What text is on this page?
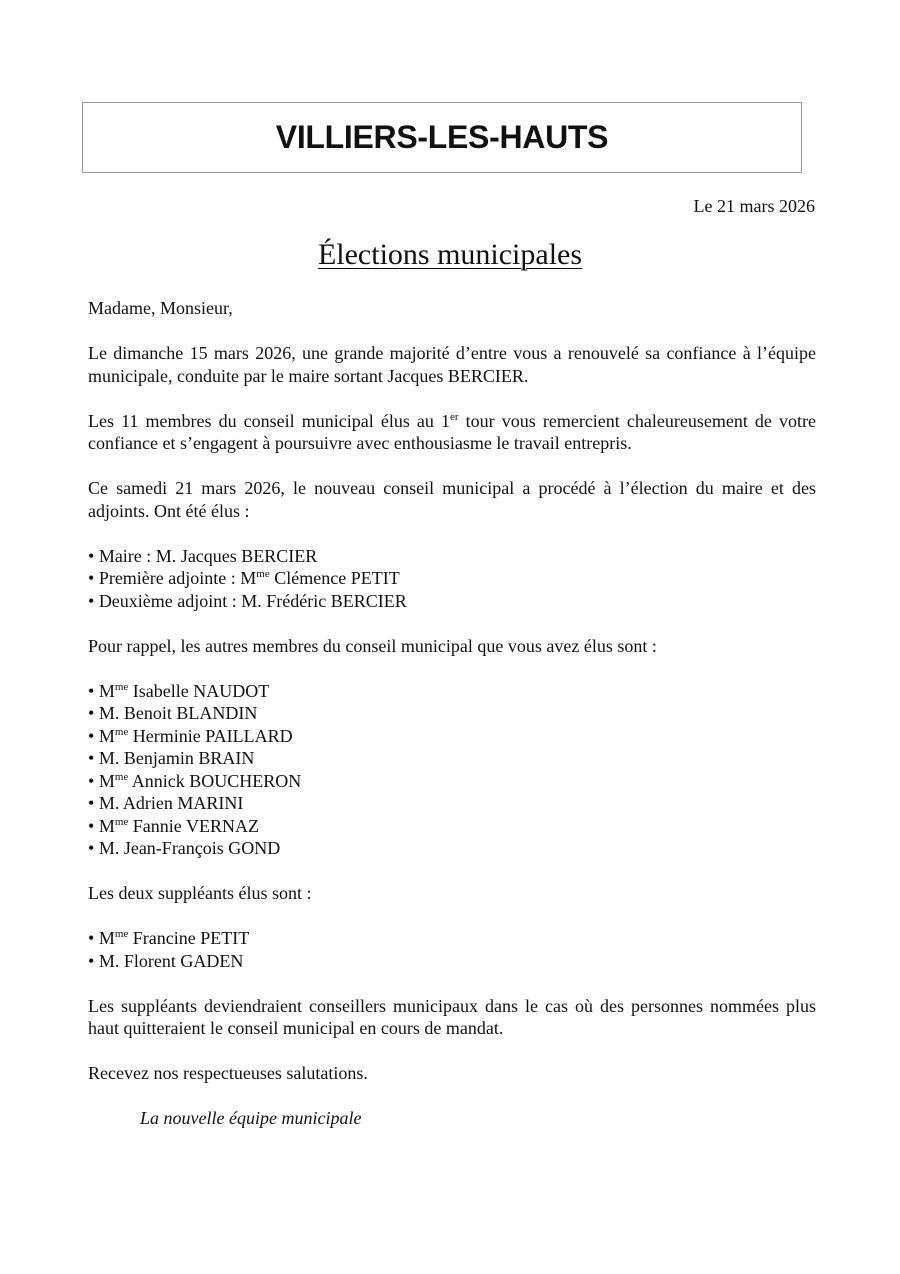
VILLIERS-LES-HAUTS
Le 21 mars 2026
Élections municipales

Madame, Monsieur,

Le dimanche 15 mars 2026, une grande majorité d’entre vous a renouvelé sa confiance à l’équipe municipale, conduite par le maire sortant Jacques BERCIER.

Les 11 membres du conseil municipal élus au 1er tour vous remercient chaleureusement de votre confiance et s’engagent à poursuivre avec enthousiasme le travail entrepris.

Ce samedi 21 mars 2026, le nouveau conseil municipal a procédé à l’élection du maire et des adjoints. Ont été élus :

• Maire : M. Jacques BERCIER
• Première adjointe : $M^{me}$ Clémence PETIT
• Deuxième adjoint : M. Frédéric BERCIER

Pour rappel, les autres membres du conseil municipal que vous avez élus sont :

• $M^{me}$ Isabelle NAUDOT
• M. Benoit BLANDIN
• $M^{me}$ Herminie PAILLARD
• M. Benjamin BRAIN
• $M^{me}$ Annick BOUCHERON
• M. Adrien MARINI
• $M^{me}$ Fannie VERNAZ
• M. Jean-François GOND

Les deux suppléants élus sont :

• $M^{me}$ Francine PETIT
• M. Florent GADEN

Les suppléants deviendraient conseillers municipaux dans le cas où des personnes nommées plus haut quitteraient le conseil municipal en cours de mandat.

Recevez nos respectueuses salutations.

La nouvelle équipe municipale
